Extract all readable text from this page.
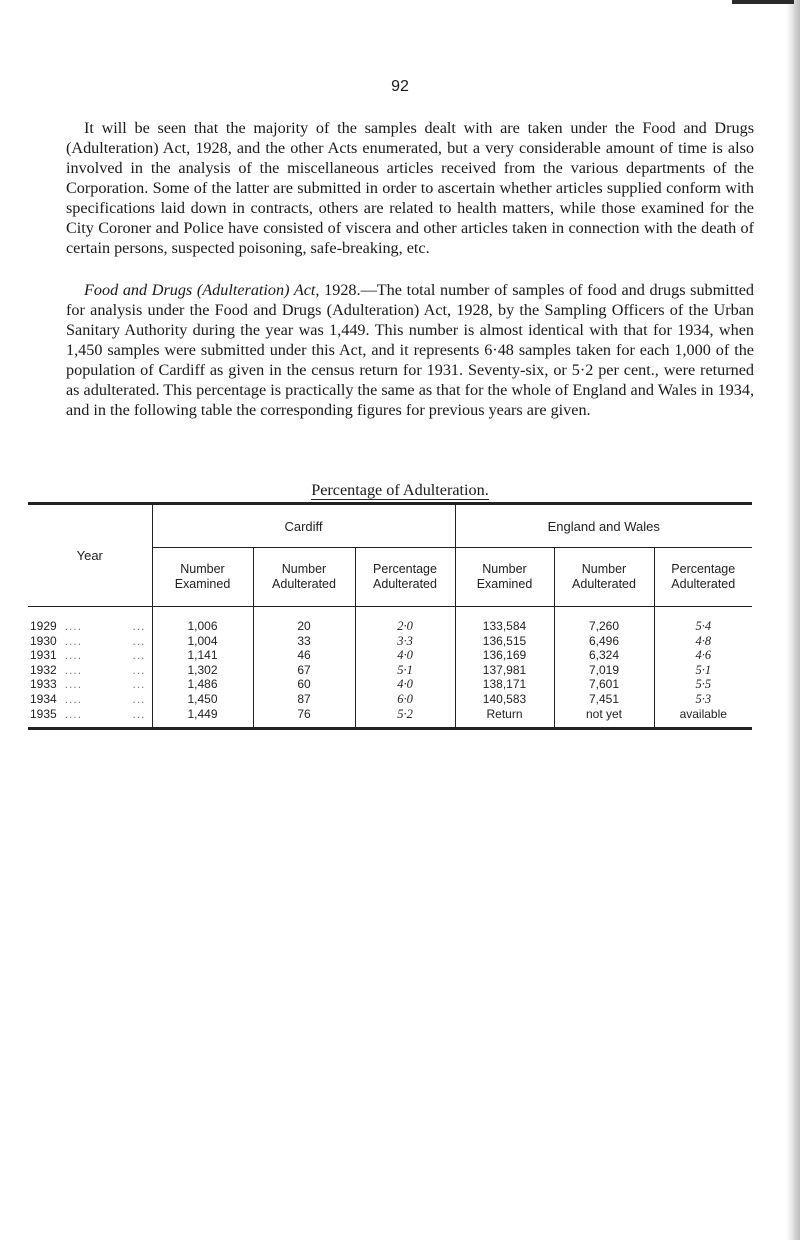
92

It will be seen that the majority of the samples dealt with are taken under the Food and Drugs (Adulteration) Act, 1928, and the other Acts enumerated, but a very considerable amount of time is also involved in the analysis of the miscellaneous articles received from the various departments of the Corporation. Some of the latter are submitted in order to ascertain whether articles supplied conform with specifications laid down in contracts, others are related to health matters, while those examined for the City Coroner and Police have consisted of viscera and other articles taken in connection with the death of certain persons, suspected poisoning, safe-breaking, etc.

Food and Drugs (Adulteration) Act, 1928.—The total number of samples of food and drugs submitted for analysis under the Food and Drugs (Adulteration) Act, 1928, by the Sampling Officers of the Urban Sanitary Authority during the year was 1,449. This number is almost identical with that for 1934, when 1,450 samples were submitted under this Act, and it represents 6·48 samples taken for each 1,000 of the population of Cardiff as given in the census return for 1931. Seventy-six, or 5·2 per cent., were returned as adulterated. This percentage is practically the same as that for the whole of England and Wales in 1934, and in the following table the corresponding figures for previous years are given.

Percentage of Adulteration.
Year	Cardiff			England and Wales		
	Number Examined	Number Adulterated	Percentage Adulterated	Number Examined	Number Adulterated	Percentage Adulterated

1929 .... ...	1,006	20	2·0	133,584	7,260	5·4
1930 .... ...	1,004	33	3·3	136,515	6,496	4·8
1931 .... ...	1,141	46	4·0	136,169	6,324	4·6
1932 .... ...	1,302	67	5·1	137,981	7,019	5·1
1933 .... ...	1,486	60	4·0	138,171	7,601	5·5
1934 .... ...	1,450	87	6·0	140,583	7,451	5·3
1935 .... ...	1,449	76	5·2	Return	not yet	available
